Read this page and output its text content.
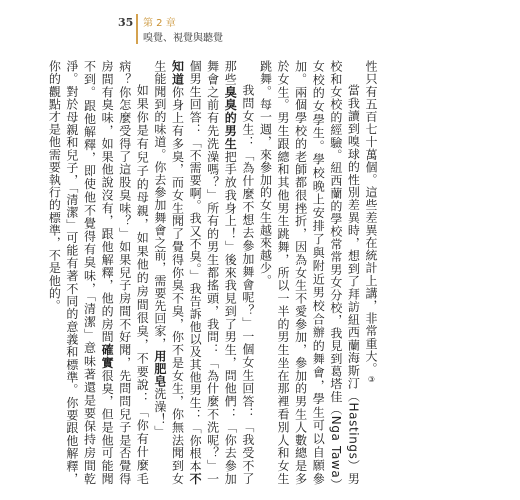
35 第 2 章
嗅覺、視覺與聽覺

性只有五百七十萬個。這些差異在統計上講，非常重大。③

當我讀到嗅球的性別差異時，想到了拜訪紐西蘭海斯汀（Hastings）男校和女校的經驗。紐西蘭的學校常常男女分校，我見到葛塔佳（Nga Tawa）女校的女學生。學校晚上安排了與附近男校合辦的舞會，學生可以自願參加。兩個學校的老師都很挫折，因為女生不愛參加，參加的男生人數總是多於女生。男生跟總和其他男生跳舞，所以一半的男生坐在那裡看別人和女生跳舞。每一週，來參加的女生越來越少。

我問女生：「為什麼不想去參加舞會呢？」一個女生回答：「我受不了那些臭臭的男生把手放我身上！」後來我見到了男生，問他們：「你去參加舞會之前有先洗澡嗎？」所有的男生都搖頭，我問：「為什麼不洗呢？」一個男生回答：「不需要啊。我又不臭。」我告訴他以及其他男生：「你根本不知道你身上有多臭，而女生聞了覺得你臭不臭，你不是女生，你無法聞到女生能聞到的味道。你去參加舞會之前，需要先回家，用肥皂洗澡！」

如果你是有兒子的母親，如果他的房間很臭，不要說：「你有什麼毛病？你怎麼受得了這股臭味？」如果兒子房間不好聞，先問問兒子是否覺得房間有臭味，如果他說沒有，跟他解釋，他的房間確實很臭，但是他可能聞不到。跟他解釋，即使他不覺得有臭味，「清潔」意味著還是要保持房間乾淨。對於母親和兒子，「清潔」可能有著不同的意義和標準。你要跟他解釋，你的觀點才是他需要執行的標準，不是他的。
